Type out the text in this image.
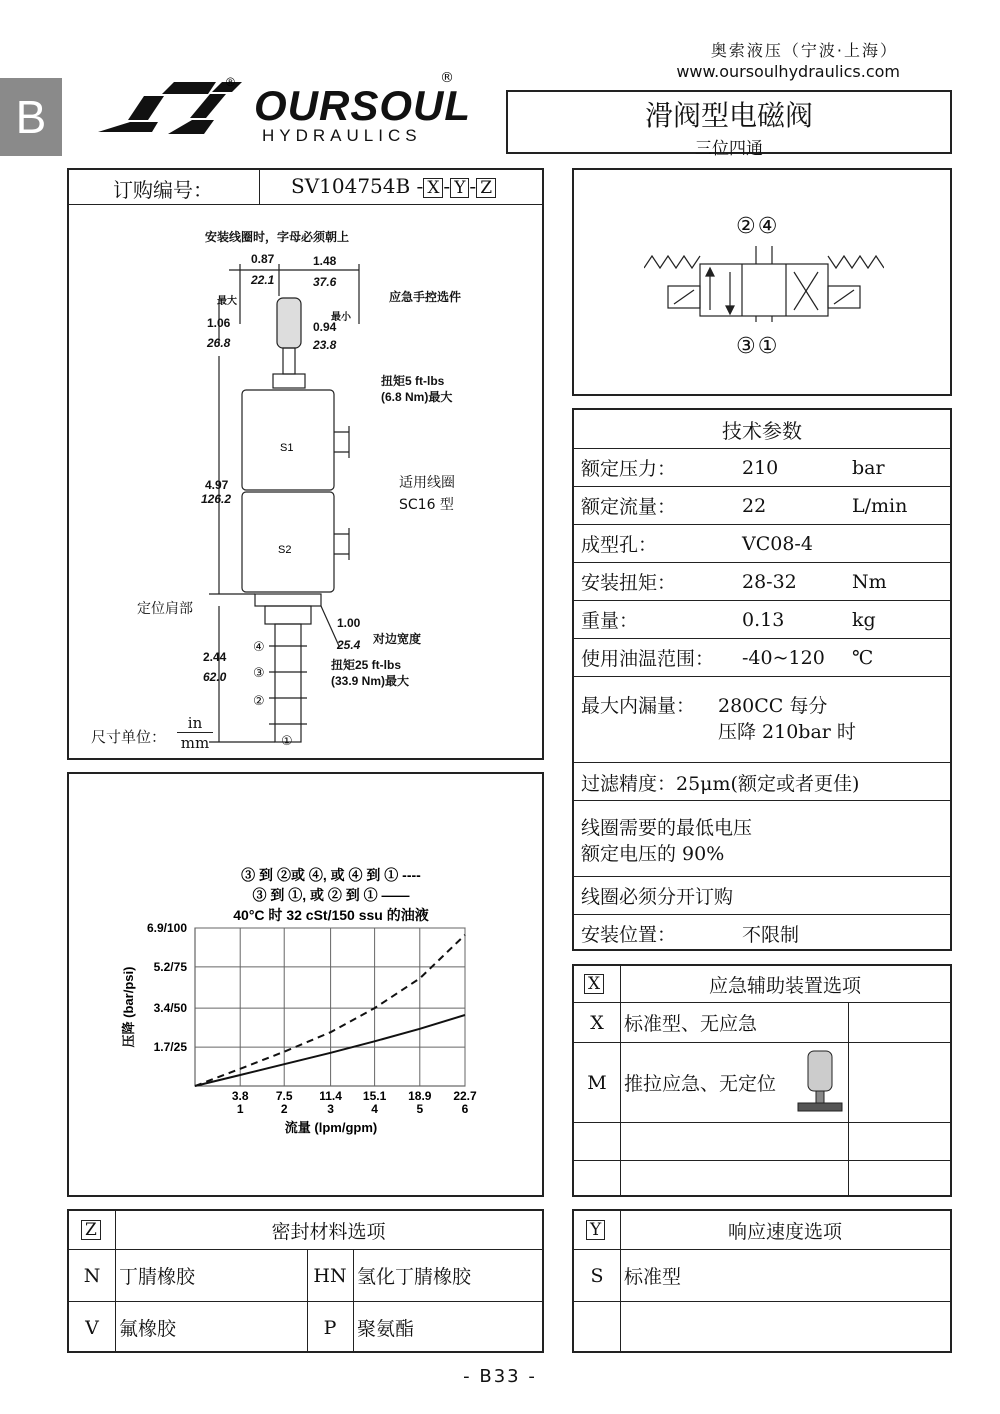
B
奥索液压（宁波·上海）
www.oursoulhydraulics.com
® OURSOUL
®
HYDRAULICS
滑阀型电磁阀
三位四通
订购编号：	SV104754B - X - Y - Z
S1
S2
安装线圈时，字母必须朝上
0.87
22.1
1.48
37.6
应急手控选件
最大
最小
1.06
26.8
0.94
23.8
扭矩5 ft-lbs
(6.8 Nm)最大
适用线圈
SC16 型
4.97
126.2
定位肩部
1.00
25.4 对边宽度
扭矩25 ft-lbs
(33.9 Nm)最大
2.44
62.0
④
③
②
①
尺寸单位：
in
mm
②④
③①
技术参数
额定压力：	210	bar
额定流量：	22	L/min
成型孔：	VC08-4
安装扭矩：	28-32	Nm
重量：	0.13	kg
使用油温范围： -40~120 ℃
最大内漏量： 280CC 每分
压降 210bar 时
过滤精度：25μm(额定或者更佳)
线圈需要的最低电压
额定电压的 90%
线圈必须分开订购
安装位置：	不限制
③ 到 ②或 ④, 或 ④ 到 ① ----
③ 到 ①, 或 ② 到 ① ——
40°C 时 32 cSt/150 ssu 的油液
3.8
1
7.5
2
11.4
3
15.1
4
18.9
5
22.7
6
1.7/25
3.4/50
5.2/75
6.9/100
流量 (lpm/gpm)
压降 (bar/psi)	X	应急辅助装置选项
X	标准型、无应急
M 推拉应急、无定位
Z	密封材料选项
N 丁腈橡胶	HN 氢化丁腈橡胶
V	氟橡胶	P	聚氨酯
Y	响应速度选项
S	标准型
- B33 -
